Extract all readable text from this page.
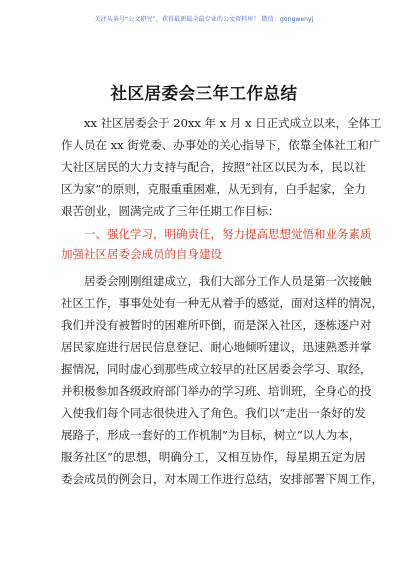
关注头条号“公文研究”，获得最新最全最专业的公文资料库！ 微信：gongwenyj
社区居委会三年工作总结
　　xx 社区居委会于 20xx 年 x 月 x 日正式成立以来，全体工
作人员在 xx 街党委、办事处的关心指导下，依靠全体社工和广
大社区居民的大力支持与配合，按照“社区以民为本，民以社
区为家”的原则，克服重重困难，从无到有，白手起家，全力
艰苦创业，圆满完成了三年任期工作目标：
　　一、强化学习，明确责任，努力提高思想觉悟和业务素质
加强社区居委会成员的自身建设
　　居委会刚刚组建成立，我们大部分工作人员是第一次接触
社区工作，事事处处有一种无从着手的感觉，面对这样的情况，
我们并没有被暂时的困难所吓倒，而是深入社区，逐栋逐户对
居民家庭进行居民信息登记、耐心地倾听建议，迅速熟悉并掌
握情况，同时虚心到那些成立较早的社区居委会学习、取经，
并积极参加各级政府部门举办的学习班、培训班，全身心的投
入使我们每个同志很快进入了角色。我们以“走出一条好的发
展路子，形成一套好的工作机制”为目标，树立“以人为本，
服务社区”的思想，明确分工，又相互协作，每星期五定为居
委会成员的例会日，对本周工作进行总结，安排部署下周工作，
